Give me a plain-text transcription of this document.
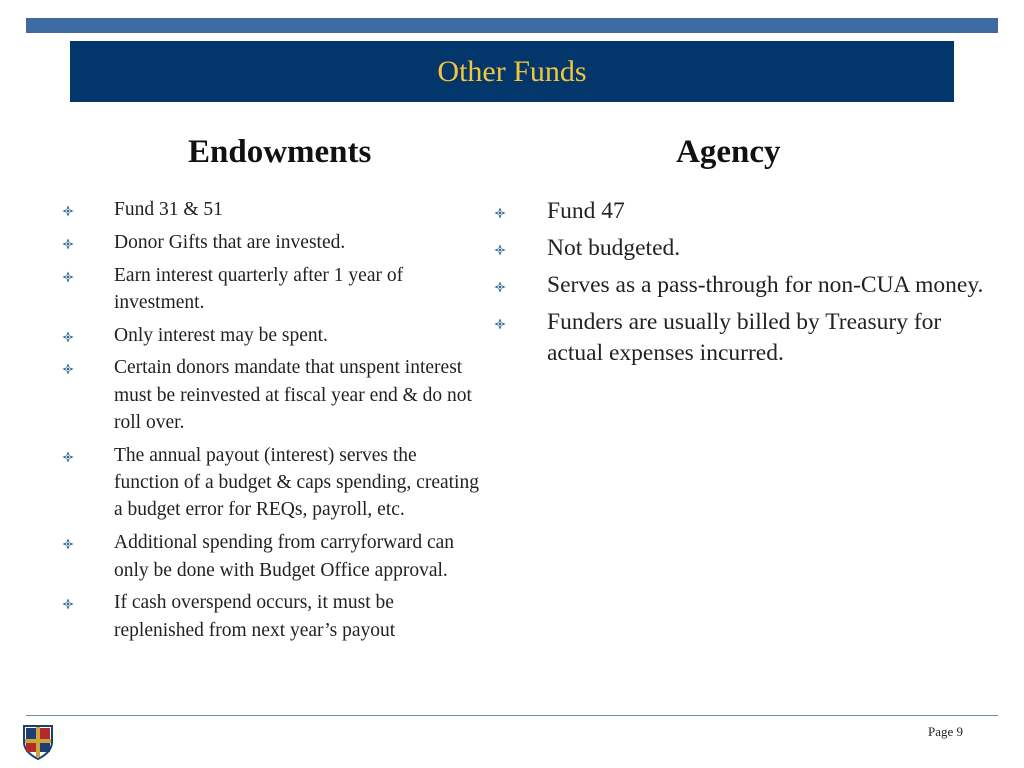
Other Funds
Endowments	Agency
Fund 31 & 51
Donor Gifts that are invested.
Earn interest quarterly after 1 year of investment.
Only interest may be spent.
Certain donors mandate that unspent interest must be reinvested at fiscal year end & do not roll over.
The annual payout (interest) serves the function of a budget & caps spending, creating a budget error for REQs, payroll, etc.
Additional spending from carryforward can only be done with Budget Office approval.
If cash overspend occurs, it must be replenished from next year’s payout
Fund 47
Not budgeted.
Serves as a pass-through for non-CUA money.
Funders are usually billed by Treasury for actual expenses incurred.
Page 9
